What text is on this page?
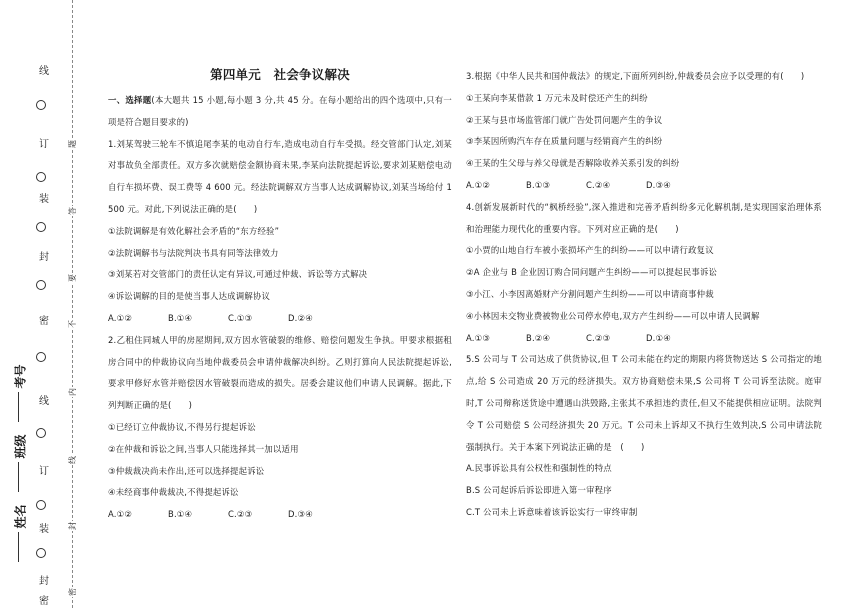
线
订
装
封
密
线
订
装
封
密
题
答
要
不
内
线
封
密
考号
班级
姓名
第四单元　社会争议解决
一、选择题(本大题共 15 小题,每小题 3 分,共 45 分。在每小题给出的四个选项中,只有一项是符合题目要求的)
1.刘某驾驶三轮车不慎追尾李某的电动自行车,造成电动自行车受损。经交管部门认定,刘某对事故负全部责任。双方多次就赔偿金额协商未果,李某向法院提起诉讼,要求刘某赔偿电动自行车损坏费、误工费等 4 600 元。经法院调解双方当事人达成调解协议,刘某当场给付 1 500 元。对此,下列说法正确的是(　　)
①法院调解是有效化解社会矛盾的“东方经验”
②法院调解书与法院判决书具有同等法律效力
③刘某若对交管部门的责任认定有异议,可通过仲裁、诉讼等方式解决
④诉讼调解的目的是使当事人达成调解协议
A.①②	B.①④	C.①③	D.②④
2.乙租住同城人甲的房屋期间,双方因水管破裂的维修、赔偿问题发生争执。甲要求根据租房合同中的仲裁协议向当地仲裁委员会申请仲裁解决纠纷。乙则打算向人民法院提起诉讼,要求甲修好水管并赔偿因水管破裂而造成的损失。居委会建议他们申请人民调解。据此,下列判断正确的是(　　)
①已经订立仲裁协议,不得另行提起诉讼
②在仲裁和诉讼之间,当事人只能选择其一加以适用
③仲裁裁决尚未作出,还可以选择提起诉讼
④未经商事仲裁裁决,不得提起诉讼
A.①②	B.①④	C.②③	D.③④
3.根据《中华人民共和国仲裁法》的规定,下面所列纠纷,仲裁委员会应予以受理的有(　　)
①王某向李某借款 1 万元未及时偿还产生的纠纷
②王某与县市场监管部门就广告处罚问题产生的争议
③李某因所购汽车存在质量问题与经销商产生的纠纷
④王某的生父母与养父母就是否解除收养关系引发的纠纷
A.①②	B.①③	C.②④	D.③④
4.创新发展新时代的“枫桥经验”,深入推进和完善矛盾纠纷多元化解机制,是实现国家治理体系和治理能力现代化的重要内容。下列对应正确的是(　　)
①小贾的山地自行车被小张损坏产生的纠纷——可以申请行政复议
②A 企业与 B 企业因订购合同问题产生纠纷——可以提起民事诉讼
③小江、小李因离婚财产分割问题产生纠纷——可以申请商事仲裁
④小林因未交物业费被物业公司停水停电,双方产生纠纷——可以申请人民调解
A.①③	B.②④	C.②③	D.①④
5.S 公司与 T 公司达成了供货协议,但 T 公司未能在约定的期限内将货物送达 S 公司指定的地点,给 S 公司造成 20 万元的经济损失。双方协商赔偿未果,S 公司将 T 公司诉至法院。庭审时,T 公司辩称送货途中遭遇山洪毁路,主张其不承担违约责任,但又不能提供相应证明。法院判令 T 公司赔偿 S 公司经济损失 20 万元。T 公司未上诉却又不执行生效判决,S 公司申请法院强制执行。关于本案下列说法正确的是　(　　)
A.民事诉讼具有公权性和强制性的特点
B.S 公司起诉后诉讼即进入第一审程序
C.T 公司未上诉意味着该诉讼实行一审终审制
